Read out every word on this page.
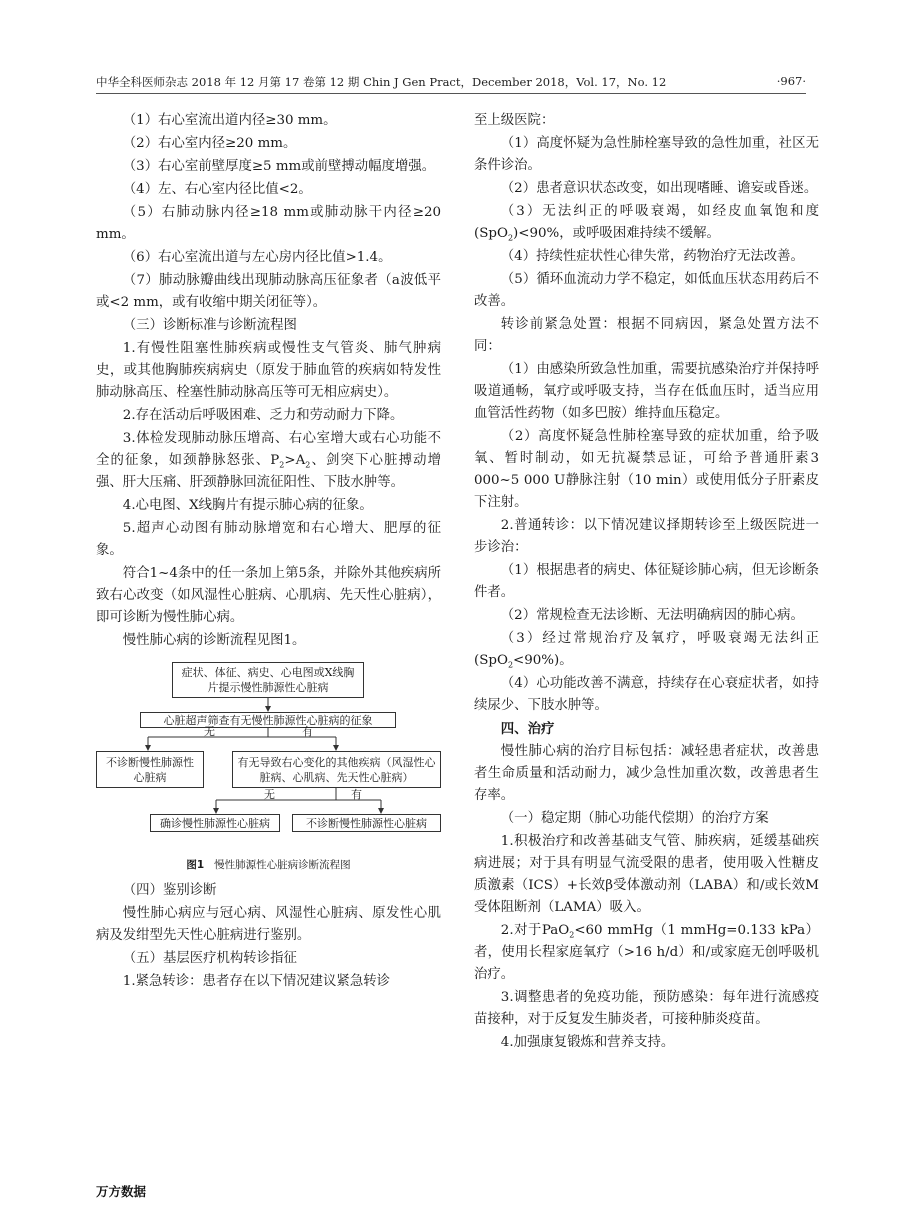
中华全科医师杂志 2018 年 12 月第 17 卷第 12 期 Chin J Gen Pract，December 2018，Vol. 17，No. 12	·967·

（1）右心室流出道内径≥30 mm。

（2）右心室内径≥20 mm。

（3）右心室前壁厚度≥5 mm或前壁搏动幅度增强。

（4）左、右心室内径比值<2。

（5）右肺动脉内径≥18 mm或肺动脉干内径≥20 mm。

（6）右心室流出道与左心房内径比值>1.4。

（7）肺动脉瓣曲线出现肺动脉高压征象者（a波低平或<2 mm，或有收缩中期关闭征等）。

（三）诊断标准与诊断流程图

1.有慢性阻塞性肺疾病或慢性支气管炎、肺气肿病史，或其他胸肺疾病病史（原发于肺血管的疾病如特发性肺动脉高压、栓塞性肺动脉高压等可无相应病史）。

2.存在活动后呼吸困难、乏力和劳动耐力下降。

3.体检发现肺动脉压增高、右心室增大或右心功能不全的征象，如颈静脉怒张、$P_2>A_2$、剑突下心脏搏动增强、肝大压痛、肝颈静脉回流征阳性、下肢水肿等。

4.心电图、X线胸片有提示肺心病的征象。

5.超声心动图有肺动脉增宽和右心增大、肥厚的征象。

符合1~4条中的任一条加上第5条，并除外其他疾病所致右心改变（如风湿性心脏病、心肌病、先天性心脏病），即可诊断为慢性肺心病。

慢性肺心病的诊断流程见图1。

症状、体征、病史、心电图或X线胸片提示慢性肺源性心脏病
心脏超声筛查有无慢性肺源性心脏病的征象
无	有
不诊断慢性肺源性心脏病
有无导致右心变化的其他疾病（风湿性心脏病、心肌病、先天性心脏病）
无	有
确诊慢性肺源性心脏病	不诊断慢性肺源性心脏病
图1 慢性肺源性心脏病诊断流程图

（四）鉴别诊断

慢性肺心病应与冠心病、风湿性心脏病、原发性心肌病及发绀型先天性心脏病进行鉴别。

（五）基层医疗机构转诊指征

1.紧急转诊：患者存在以下情况建议紧急转诊

至上级医院：

（1）高度怀疑为急性肺栓塞导致的急性加重，社区无条件诊治。

（2）患者意识状态改变，如出现嗜睡、谵妄或昏迷。

（3）无法纠正的呼吸衰竭，如经皮血氧饱和度(SpO$_2$)<90%，或呼吸困难持续不缓解。

（4）持续性症状性心律失常，药物治疗无法改善。

（5）循环血流动力学不稳定，如低血压状态用药后不改善。

转诊前紧急处置：根据不同病因，紧急处置方法不同：

（1）由感染所致急性加重，需要抗感染治疗并保持呼吸道通畅，氧疗或呼吸支持，当存在低血压时，适当应用血管活性药物（如多巴胺）维持血压稳定。

（2）高度怀疑急性肺栓塞导致的症状加重，给予吸氧、暂时制动，如无抗凝禁忌证，可给予普通肝素3 000~5 000 U静脉注射（10 min）或使用低分子肝素皮下注射。

2.普通转诊：以下情况建议择期转诊至上级医院进一步诊治：

（1）根据患者的病史、体征疑诊肺心病，但无诊断条件者。

（2）常规检查无法诊断、无法明确病因的肺心病。

（3）经过常规治疗及氧疗，呼吸衰竭无法纠正(SpO$_2$<90%)。

（4）心功能改善不满意，持续存在心衰症状者，如持续尿少、下肢水肿等。

四、治疗

慢性肺心病的治疗目标包括：减轻患者症状，改善患者生命质量和活动耐力，减少急性加重次数，改善患者生存率。

（一）稳定期（肺心功能代偿期）的治疗方案

1.积极治疗和改善基础支气管、肺疾病，延缓基础疾病进展；对于具有明显气流受限的患者，使用吸入性糖皮质激素（ICS）+长效β受体激动剂（LABA）和/或长效M受体阻断剂（LAMA）吸入。

2.对于PaO$_2$<60 mmHg（1 mmHg=0.133 kPa）者，使用长程家庭氧疗（>16 h/d）和/或家庭无创呼吸机治疗。

3.调整患者的免疫功能，预防感染：每年进行流感疫苗接种，对于反复发生肺炎者，可接种肺炎疫苗。

4.加强康复锻炼和营养支持。

万方数据
